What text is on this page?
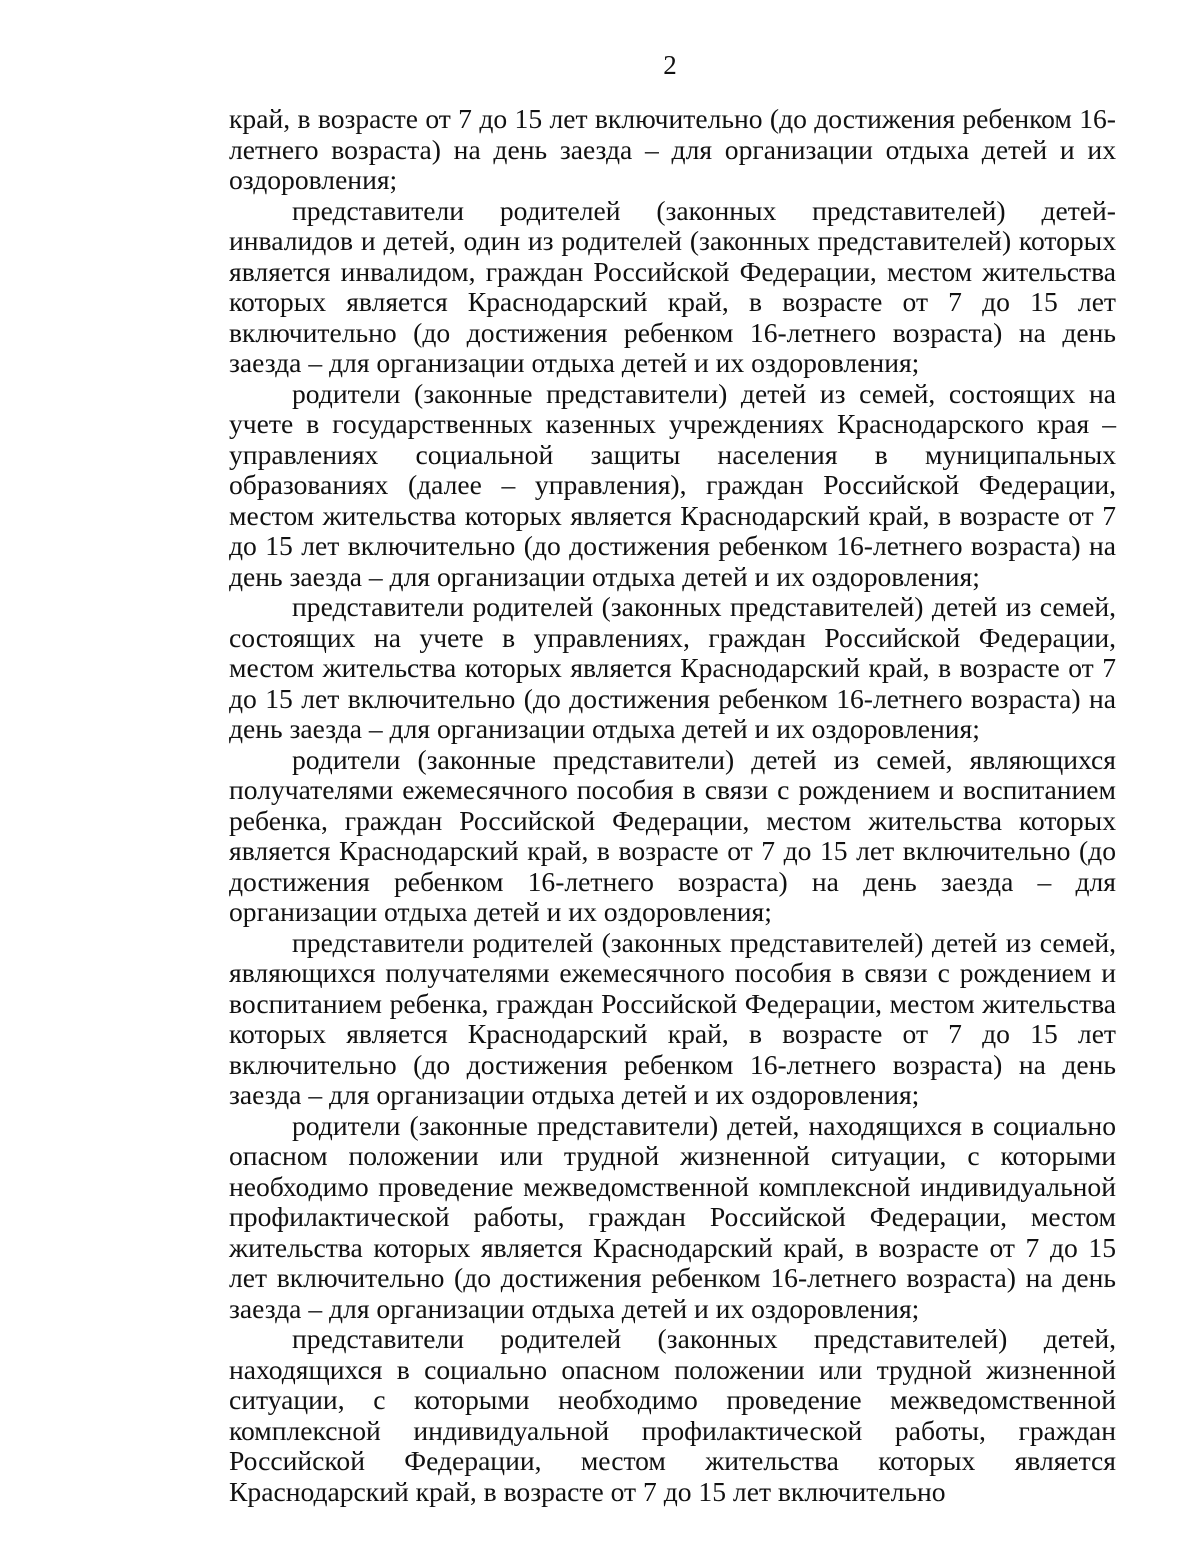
2

край, в возрасте от 7 до 15 лет включительно (до достижения ребенком 16-летнего возраста) на день заезда – для организации отдыха детей и их оздоровления;

представители родителей (законных представителей) детей-инвалидов и детей, один из родителей (законных представителей) которых является инвалидом, граждан Российской Федерации, местом жительства которых является Краснодарский край, в возрасте от 7 до 15 лет включительно (до достижения ребенком 16-летнего возраста) на день заезда – для организации отдыха детей и их оздоровления;

родители (законные представители) детей из семей, состоящих на учете в государственных казенных учреждениях Краснодарского края – управлениях социальной защиты населения в муниципальных образованиях (далее – управления), граждан Российской Федерации, местом жительства которых является Краснодарский край, в возрасте от 7 до 15 лет включительно (до достижения ребенком 16-летнего возраста) на день заезда – для организации отдыха детей и их оздоровления;

представители родителей (законных представителей) детей из семей, состоящих на учете в управлениях, граждан Российской Федерации, местом жительства которых является Краснодарский край, в возрасте от 7 до 15 лет включительно (до достижения ребенком 16-летнего возраста) на день заезда – для организации отдыха детей и их оздоровления;

родители (законные представители) детей из семей, являющихся получателями ежемесячного пособия в связи с рождением и воспитанием ребенка, граждан Российской Федерации, местом жительства которых является Краснодарский край, в возрасте от 7 до 15 лет включительно (до достижения ребенком 16-летнего возраста) на день заезда – для организации отдыха детей и их оздоровления;

представители родителей (законных представителей) детей из семей, являющихся получателями ежемесячного пособия в связи с рождением и воспитанием ребенка, граждан Российской Федерации, местом жительства которых является Краснодарский край, в возрасте от 7 до 15 лет включительно (до достижения ребенком 16-летнего возраста) на день заезда – для организации отдыха детей и их оздоровления;

родители (законные представители) детей, находящихся в социально опасном положении или трудной жизненной ситуации, с которыми необходимо проведение межведомственной комплексной индивидуальной профилактической работы, граждан Российской Федерации, местом жительства которых является Краснодарский край, в возрасте от 7 до 15 лет включительно (до достижения ребенком 16-летнего возраста) на день заезда – для организации отдыха детей и их оздоровления;

представители родителей (законных представителей) детей, находящихся в социально опасном положении или трудной жизненной ситуации, с которыми необходимо проведение межведомственной комплексной индивидуальной профилактической работы, граждан Российской Федерации, местом жительства которых является Краснодарский край, в возрасте от 7 до 15 лет включительно
